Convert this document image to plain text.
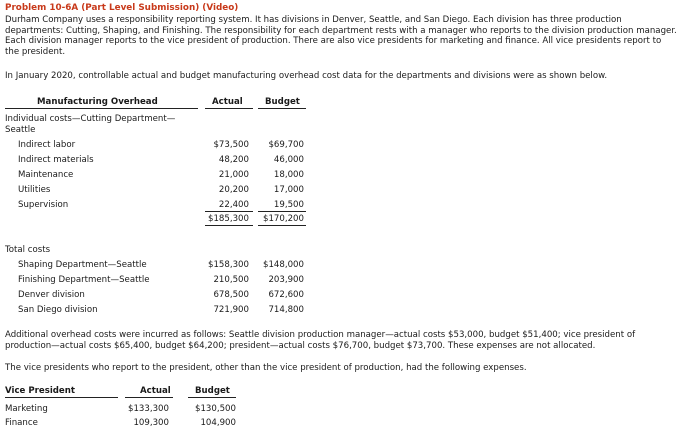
Problem 10-6A (Part Level Submission) (Video)
Durham Company uses a responsibility reporting system. It has divisions in Denver, Seattle, and San Diego. Each division has three production departments: Cutting, Shaping, and Finishing. The responsibility for each department rests with a manager who reports to the division production manager. Each division manager reports to the vice president of production. There are also vice presidents for marketing and finance. All vice presidents report to the president.
In January 2020, controllable actual and budget manufacturing overhead cost data for the departments and divisions were as shown below.
Manufacturing Overhead	Actual	Budget
Individual costs—Cutting Department—Seattle
Indirect labor	$73,500	$69,700
Indirect materials	48,200	46,000
Maintenance	21,000	18,000
Utilities	20,200	17,000
Supervision	22,400	19,500
$185,300	$170,200
Total costs
Shaping Department—Seattle	$158,300	$148,000
Finishing Department—Seattle	210,500	203,900
Denver division	678,500	672,600
San Diego division	721,900	714,800
Additional overhead costs were incurred as follows: Seattle division production manager—actual costs $53,000, budget $51,400; vice president of production—actual costs $65,400, budget $64,200; president—actual costs $76,700, budget $73,700. These expenses are not allocated.
The vice presidents who report to the president, other than the vice president of production, had the following expenses.
Vice President	Actual	Budget
Marketing	$133,300	$130,500
Finance	109,300	104,900
